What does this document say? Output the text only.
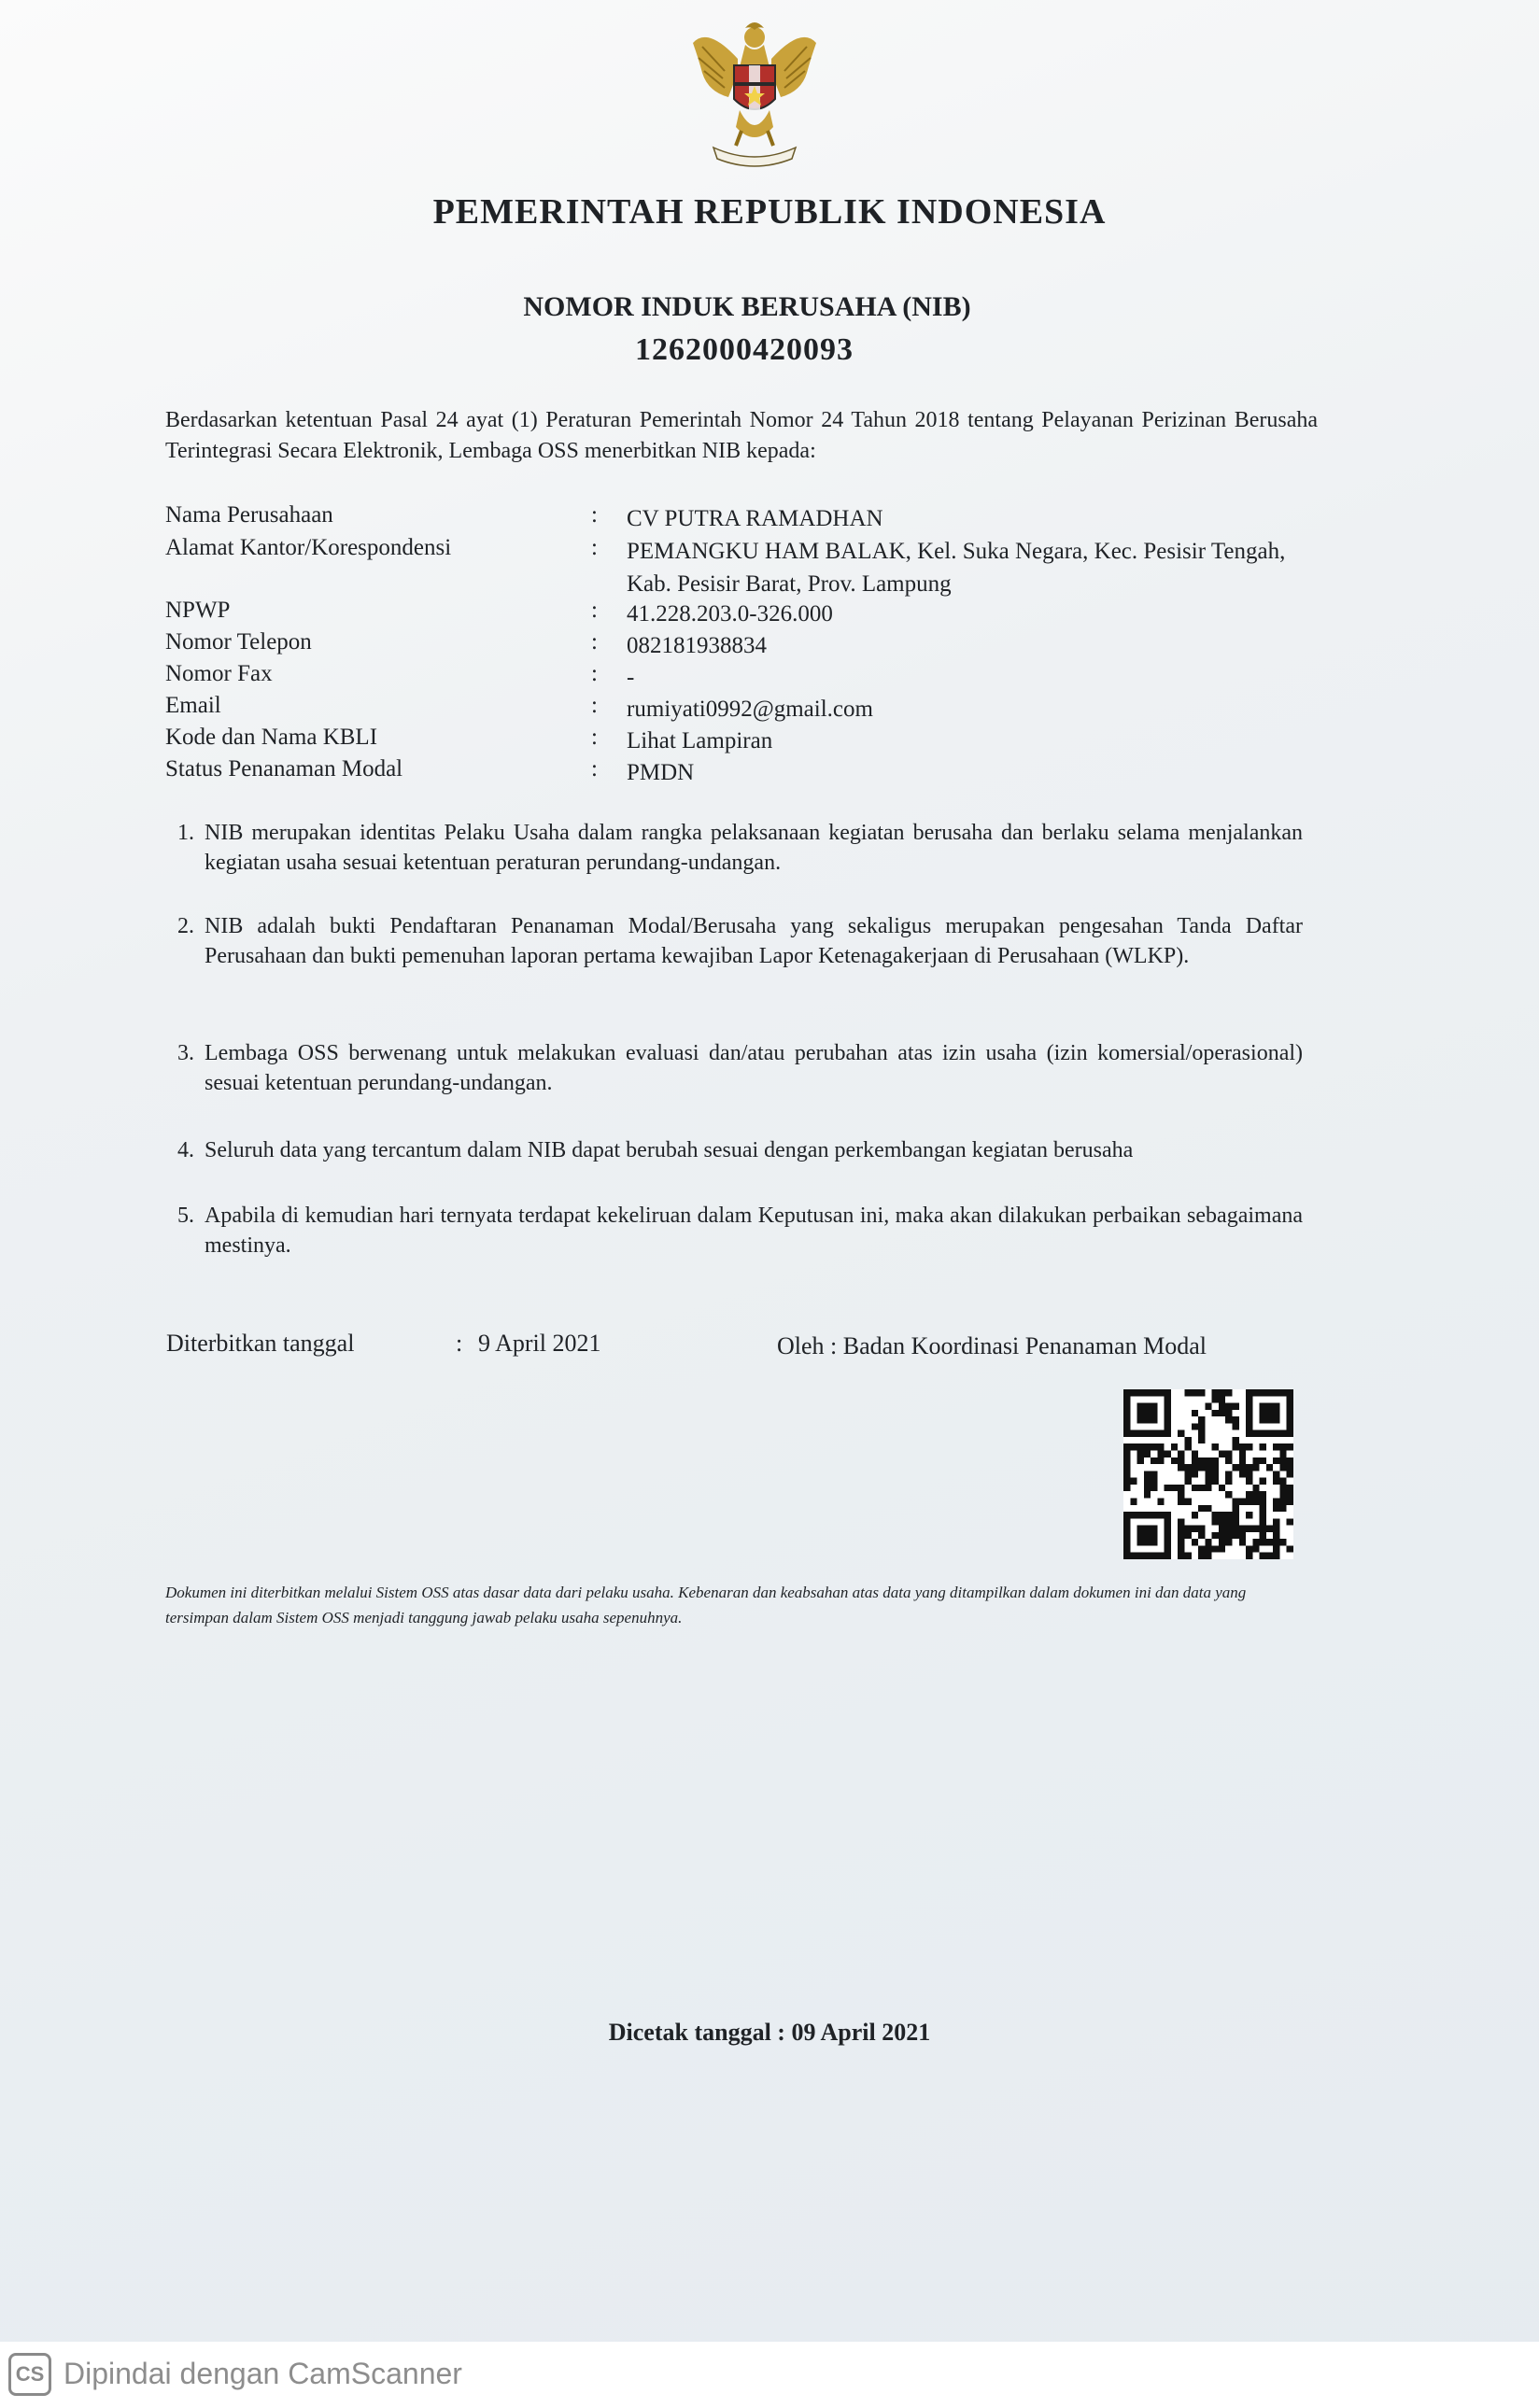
PEMERINTAH REPUBLIK INDONESIA
NOMOR INDUK BERUSAHA (NIB)
1262000420093
Berdasarkan ketentuan Pasal 24 ayat (1) Peraturan Pemerintah Nomor 24 Tahun 2018 tentang Pelayanan Perizinan Berusaha Terintegrasi Secara Elektronik, Lembaga OSS menerbitkan NIB kepada:
Nama Perusahaan	:	CV PUTRA RAMADHAN
Alamat Kantor/Korespondensi	:	PEMANGKU HAM BALAK, Kel. Suka Negara, Kec. Pesisir Tengah, Kab. Pesisir Barat, Prov. Lampung
NPWP	:	41.228.203.0-326.000
Nomor Telepon	:	082181938834
Nomor Fax	:	-
Email	:	rumiyati0992@gmail.com
Kode dan Nama KBLI	:	Lihat Lampiran
Status Penanaman Modal	:	PMDN
1. NIB merupakan identitas Pelaku Usaha dalam rangka pelaksanaan kegiatan berusaha dan berlaku selama menjalankan kegiatan usaha sesuai ketentuan peraturan perundang-undangan.
2. NIB adalah bukti Pendaftaran Penanaman Modal/Berusaha yang sekaligus merupakan pengesahan Tanda Daftar Perusahaan dan bukti pemenuhan laporan pertama kewajiban Lapor Ketenagakerjaan di Perusahaan (WLKP).
3. Lembaga OSS berwenang untuk melakukan evaluasi dan/atau perubahan atas izin usaha (izin komersial/operasional) sesuai ketentuan perundang-undangan.
4. Seluruh data yang tercantum dalam NIB dapat berubah sesuai dengan perkembangan kegiatan berusaha
5. Apabila di kemudian hari ternyata terdapat kekeliruan dalam Keputusan ini, maka akan dilakukan perbaikan sebagaimana mestinya.
Diterbitkan tanggal	: 9 April 2021	Oleh : Badan Koordinasi Penanaman Modal
Dokumen ini diterbitkan melalui Sistem OSS atas dasar data dari pelaku usaha. Kebenaran dan keabsahan atas data yang ditampilkan dalam dokumen ini dan data yang tersimpan dalam Sistem OSS menjadi tanggung jawab pelaku usaha sepenuhnya.
Dicetak tanggal : 09 April 2021
CS Dipindai dengan CamScanner
